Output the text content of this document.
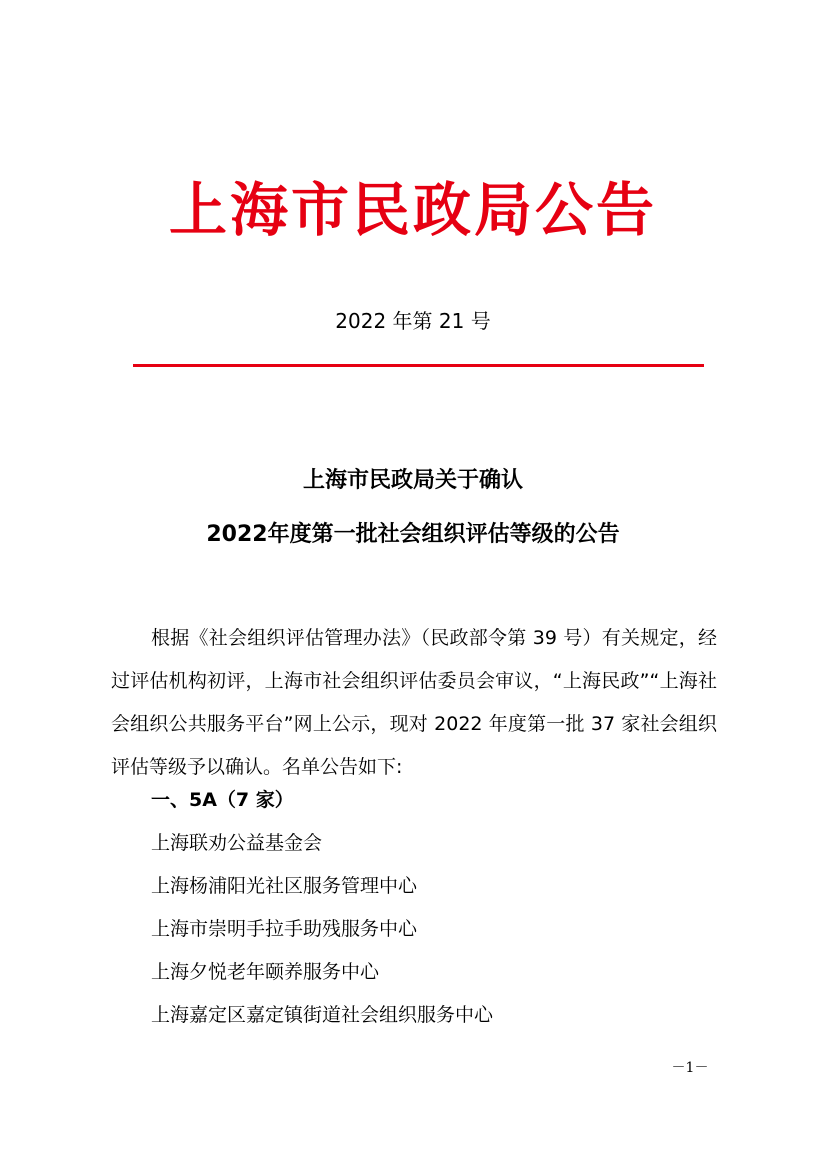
上海市民政局公告
2022 年第 21 号
上海市民政局关于确认
2022年度第一批社会组织评估等级的公告

根据《社会组织评估管理办法》（民政部令第 39 号）有关规定，经过评估机构初评，上海市社会组织评估委员会审议，“上海民政”“上海社会组织公共服务平台”网上公示，现对 2022 年度第一批 37 家社会组织评估等级予以确认。名单公告如下:

一、5A（7 家）
上海联劝公益基金会
上海杨浦阳光社区服务管理中心
上海市崇明手拉手助残服务中心
上海夕悦老年颐养服务中心
上海嘉定区嘉定镇街道社会组织服务中心
－1－
